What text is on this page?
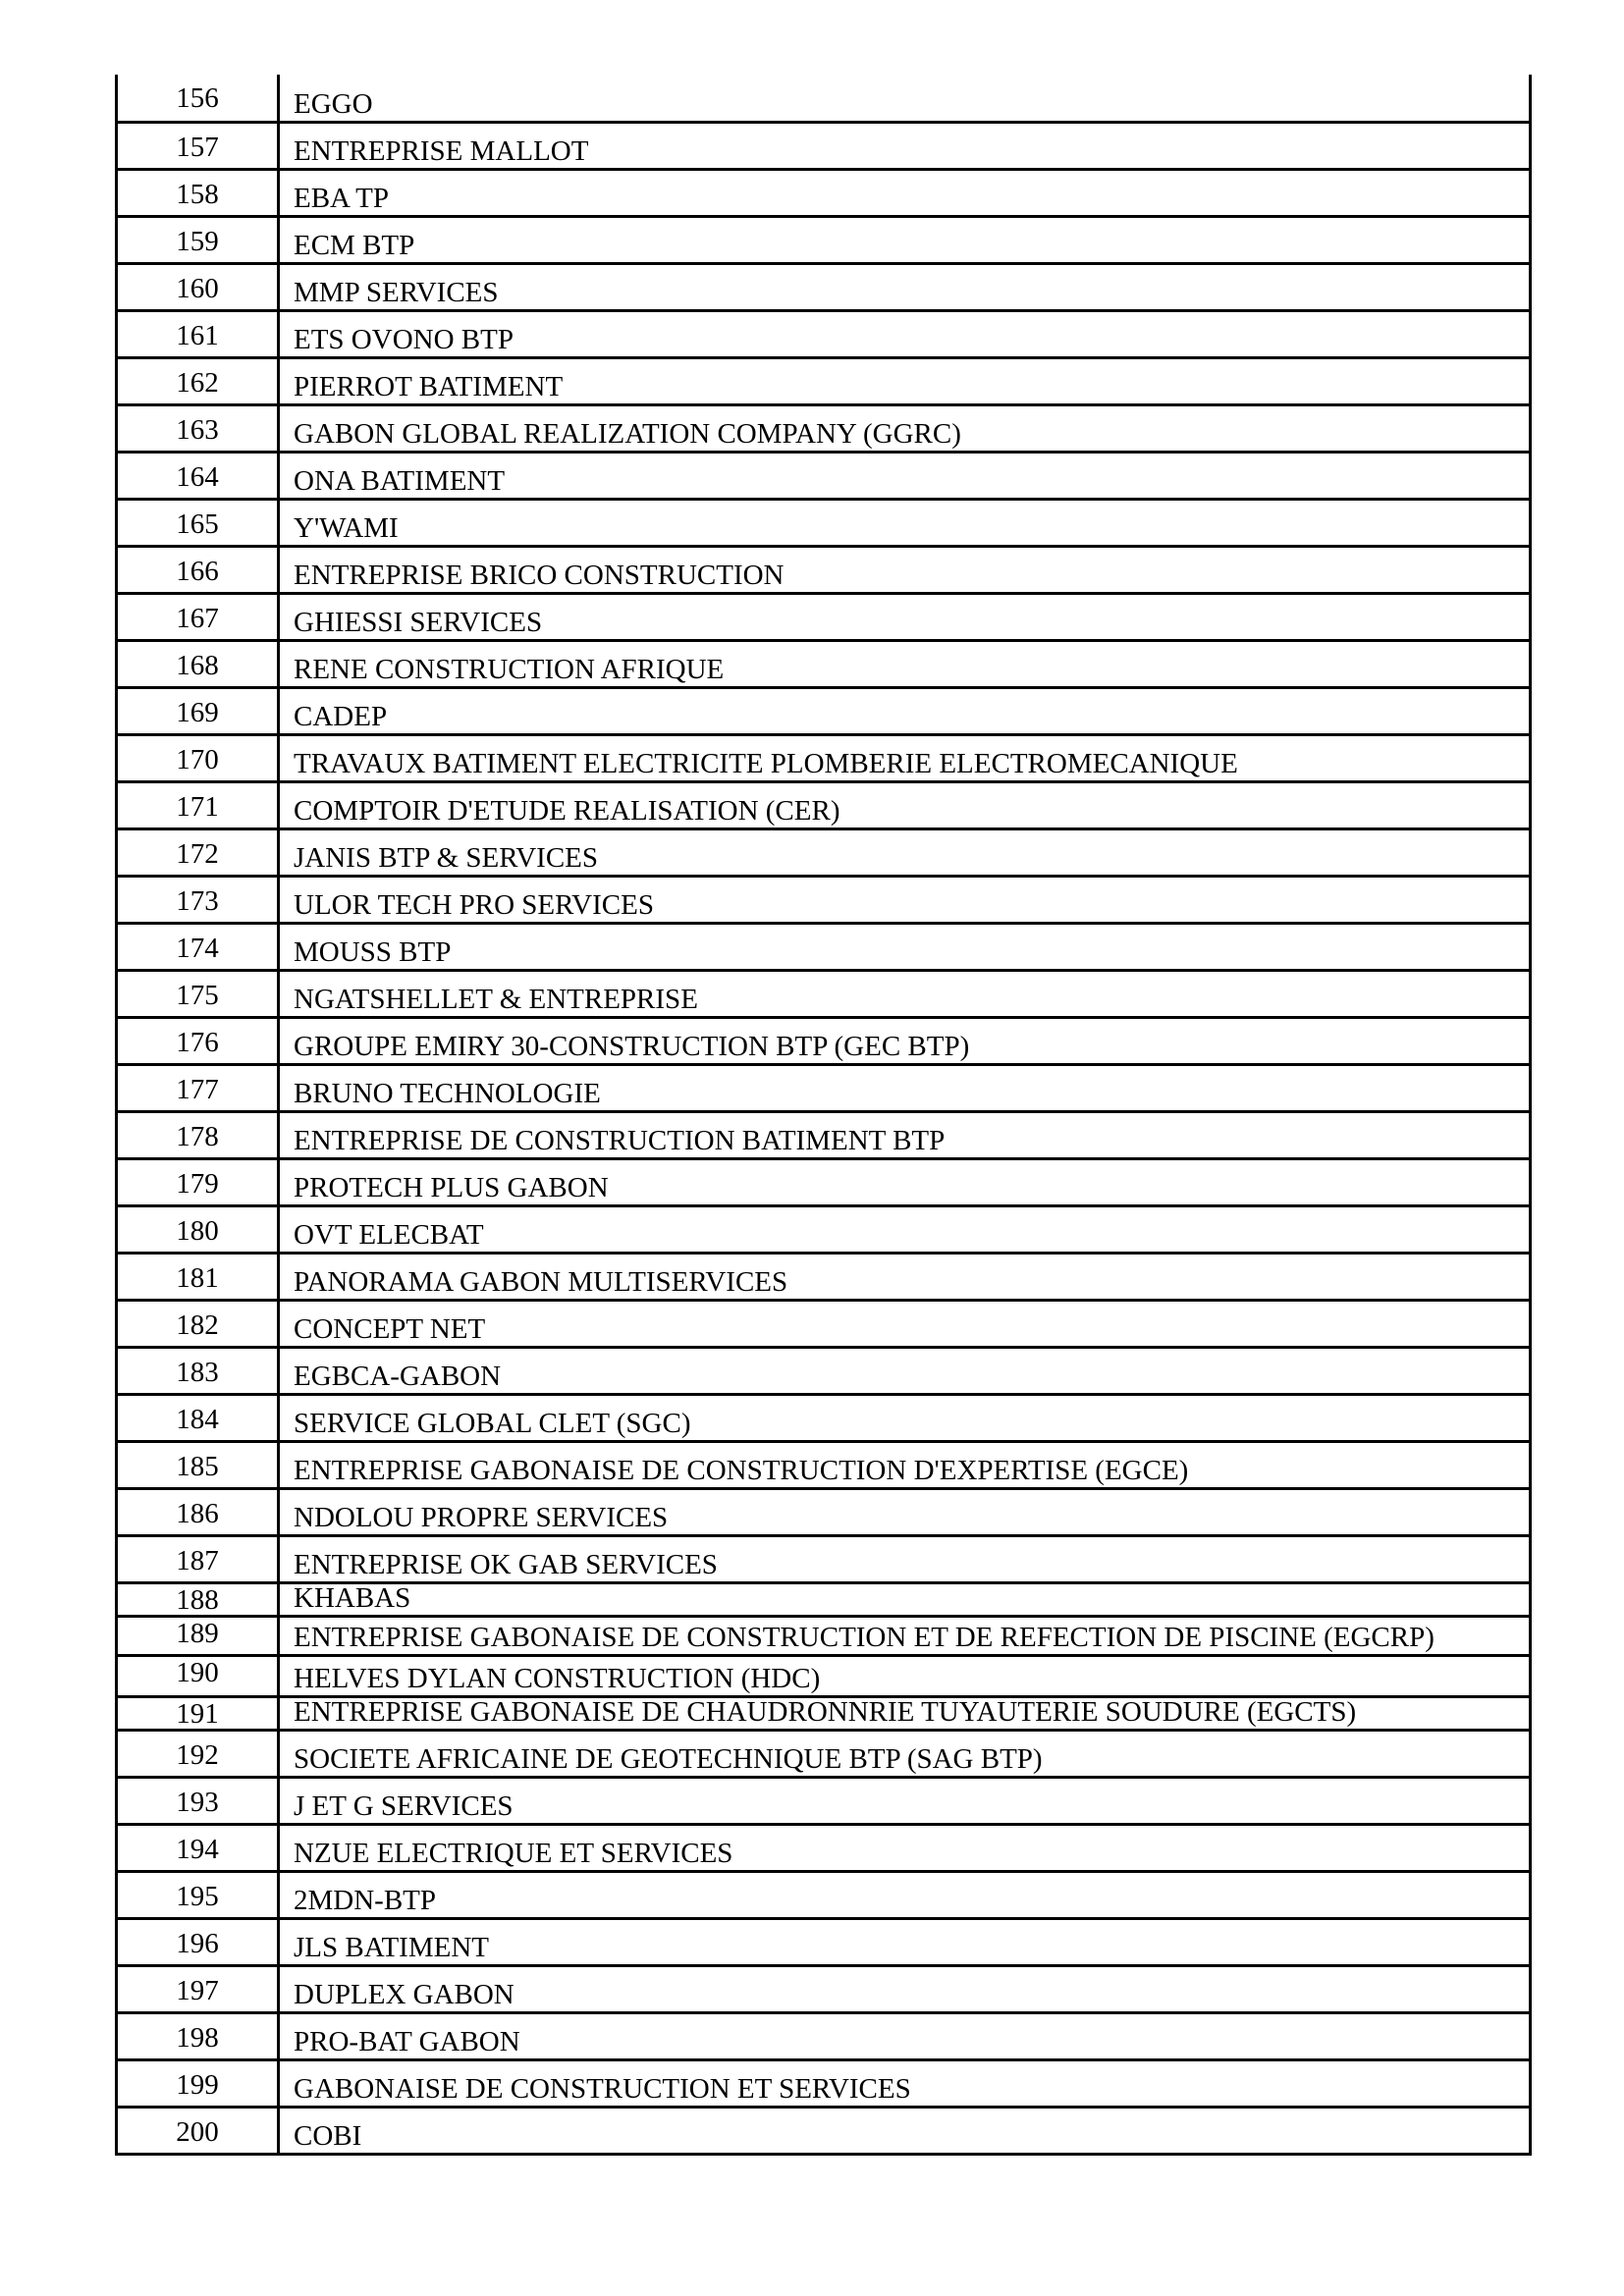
156	EGGO
157	ENTREPRISE MALLOT
158	EBA TP
159	ECM BTP
160	MMP SERVICES
161	ETS OVONO BTP
162	PIERROT BATIMENT
163	GABON GLOBAL REALIZATION COMPANY (GGRC)
164	ONA BATIMENT
165	Y'WAMI
166	ENTREPRISE BRICO CONSTRUCTION
167	GHIESSI SERVICES
168	RENE CONSTRUCTION AFRIQUE
169	CADEP
170	TRAVAUX BATIMENT ELECTRICITE PLOMBERIE ELECTROMECANIQUE
171	COMPTOIR D'ETUDE REALISATION (CER)
172	JANIS BTP & SERVICES
173	ULOR TECH PRO SERVICES
174	MOUSS BTP
175	NGATSHELLET & ENTREPRISE
176	GROUPE EMIRY 30-CONSTRUCTION BTP (GEC BTP)
177	BRUNO TECHNOLOGIE
178	ENTREPRISE DE CONSTRUCTION BATIMENT BTP
179	PROTECH PLUS GABON
180	OVT ELECBAT
181	PANORAMA GABON MULTISERVICES
182	CONCEPT NET
183	EGBCA-GABON
184	SERVICE GLOBAL CLET (SGC)
185	ENTREPRISE GABONAISE DE CONSTRUCTION D'EXPERTISE (EGCE)
186	NDOLOU PROPRE SERVICES
187	ENTREPRISE OK GAB SERVICES
188	KHABAS
189	ENTREPRISE GABONAISE DE CONSTRUCTION ET DE REFECTION DE PISCINE (EGCRP)
190	HELVES DYLAN CONSTRUCTION (HDC)
191	ENTREPRISE GABONAISE DE CHAUDRONNRIE TUYAUTERIE SOUDURE (EGCTS)
192	SOCIETE AFRICAINE DE GEOTECHNIQUE BTP (SAG BTP)
193	J ET G SERVICES
194	NZUE ELECTRIQUE ET SERVICES
195	2MDN-BTP
196	JLS BATIMENT
197	DUPLEX GABON
198	PRO-BAT GABON
199	GABONAISE DE CONSTRUCTION ET SERVICES
200	COBI
